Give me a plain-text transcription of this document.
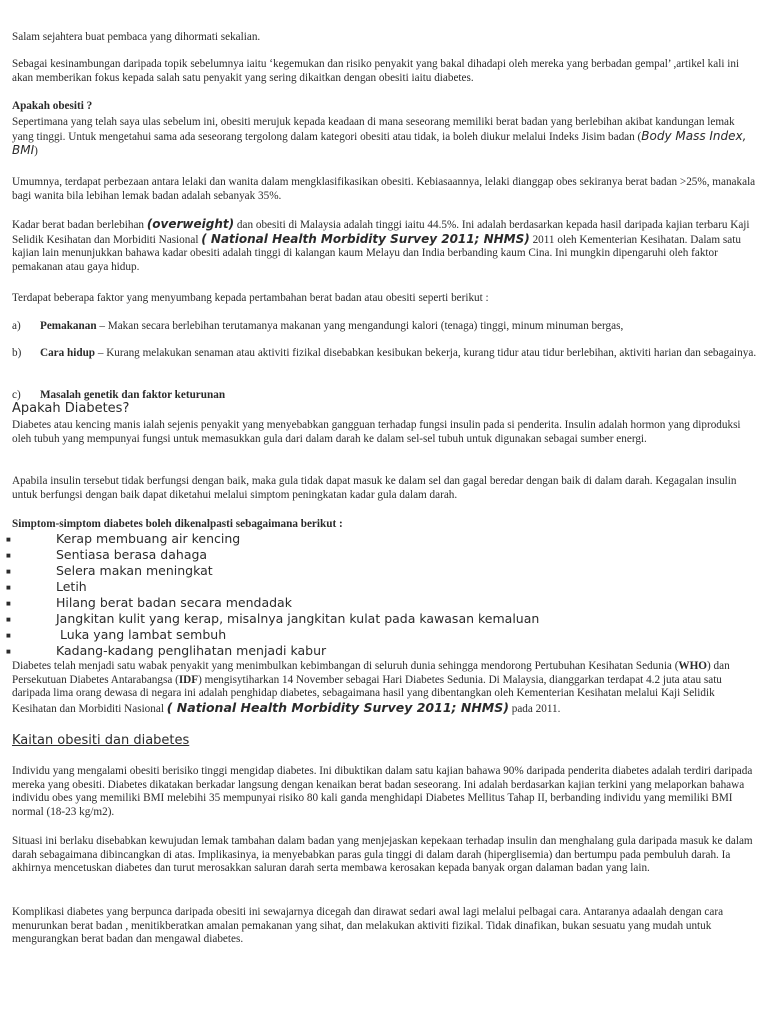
Salam sejahtera buat pembaca yang dihormati sekalian.

Sebagai kesinambungan daripada topik sebelumnya iaitu ‘kegemukan dan risiko penyakit yang bakal dihadapi oleh mereka yang berbadan gempal’ ,artikel kali ini akan memberikan fokus kepada salah satu penyakit yang sering dikaitkan dengan obesiti iaitu diabetes.

Apakah obesiti ?

Sepertimana yang telah saya ulas sebelum ini, obesiti merujuk kepada keadaan di mana seseorang memiliki berat badan yang berlebihan akibat kandungan lemak yang tinggi. Untuk mengetahui sama ada seseorang tergolong dalam kategori obesiti atau tidak, ia boleh diukur melalui Indeks Jisim badan (Body Mass Index, BMI)

Umumnya, terdapat perbezaan antara lelaki dan wanita dalam mengklasifikasikan obesiti. Kebiasaannya, lelaki dianggap obes sekiranya berat badan >25%, manakala bagi wanita bila lebihan lemak badan adalah sebanyak 35%.

Kadar berat badan berlebihan (overweight) dan obesiti di Malaysia adalah tinggi iaitu 44.5%. Ini adalah berdasarkan kepada hasil daripada kajian terbaru Kaji Selidik Kesihatan dan Morbiditi Nasional ( National Health Morbidity Survey 2011; NHMS) 2011 oleh Kementerian Kesihatan. Dalam satu kajian lain menunjukkan bahawa kadar obesiti adalah tinggi di kalangan kaum Melayu dan India berbanding kaum Cina. Ini mungkin dipengaruhi oleh faktor pemakanan atau gaya hidup.

Terdapat beberapa faktor yang menyumbang kepada pertambahan berat badan atau obesiti seperti berikut :

a) Pemakanan – Makan secara berlebihan terutamanya makanan yang mengandungi kalori (tenaga) tinggi, minum minuman bergas,

b) Cara hidup – Kurang melakukan senaman atau aktiviti fizikal disebabkan kesibukan bekerja, kurang tidur atau tidur berlebihan, aktiviti harian dan sebagainya.

c) Masalah genetik dan faktor keturunan

Apakah Diabetes?

Diabetes atau kencing manis ialah sejenis penyakit yang menyebabkan gangguan terhadap fungsi insulin pada si penderita. Insulin adalah hormon yang diproduksi oleh tubuh yang mempunyai fungsi untuk memasukkan gula dari dalam darah ke dalam sel-sel tubuh untuk digunakan sebagai sumber energi.

Apabila insulin tersebut tidak berfungsi dengan baik, maka gula tidak dapat masuk ke dalam sel dan gagal beredar dengan baik di dalam darah. Kegagalan insulin untuk berfungsi dengan baik dapat diketahui melalui simptom peningkatan kadar gula dalam darah.

Simptom-simptom diabetes boleh dikenalpasti sebagaimana berikut :

■	Kerap membuang air kencing
■	Sentiasa berasa dahaga
■	Selera makan meningkat
■	Letih
■	Hilang berat badan secara mendadak
■	Jangkitan kulit yang kerap, misalnya jangkitan kulat pada kawasan kemaluan
■	Luka yang lambat sembuh
■	Kadang-kadang penglihatan menjadi kabur

Diabetes telah menjadi satu wabak penyakit yang menimbulkan kebimbangan di seluruh dunia sehingga mendorong Pertubuhan Kesihatan Sedunia (WHO) dan Persekutuan Diabetes Antarabangsa (IDF) mengisytiharkan 14 November sebagai Hari Diabetes Sedunia. Di Malaysia, dianggarkan terdapat 4.2 juta atau satu daripada lima orang dewasa di negara ini adalah penghidap diabetes, sebagaimana hasil yang dibentangkan oleh Kementerian Kesihatan melalui Kaji Selidik Kesihatan dan Morbiditi Nasional ( National Health Morbidity Survey 2011; NHMS) pada 2011.

Kaitan obesiti dan diabetes

Individu yang mengalami obesiti berisiko tinggi mengidap diabetes. Ini dibuktikan dalam satu kajian bahawa 90% daripada penderita diabetes adalah terdiri daripada mereka yang obesiti. Diabetes dikatakan berkadar langsung dengan kenaikan berat badan seseorang. Ini adalah berdasarkan kajian terkini yang melaporkan bahawa individu obes yang memiliki BMI melebihi 35 mempunyai risiko 80 kali ganda menghidapi Diabetes Mellitus Tahap II, berbanding individu yang memiliki BMI normal (18-23 kg/m2).

Situasi ini berlaku disebabkan kewujudan lemak tambahan dalam badan yang menjejaskan kepekaan terhadap insulin dan menghalang gula daripada masuk ke dalam darah sebagaimana dibincangkan di atas. Implikasinya, ia menyebabkan paras gula tinggi di dalam darah (hiperglisemia) dan bertumpu pada pembuluh darah. Ia akhirnya mencetuskan diabetes dan turut merosakkan saluran darah serta membawa kerosakan kepada banyak organ dalaman badan yang lain.

Komplikasi diabetes yang berpunca daripada obesiti ini sewajarnya dicegah dan dirawat sedari awal lagi melalui pelbagai cara. Antaranya adaalah dengan cara menurunkan berat badan , menitikberatkan amalan pemakanan yang sihat, dan melakukan aktiviti fizikal. Tidak dinafikan, bukan sesuatu yang mudah untuk mengurangkan berat badan dan mengawal diabetes.
